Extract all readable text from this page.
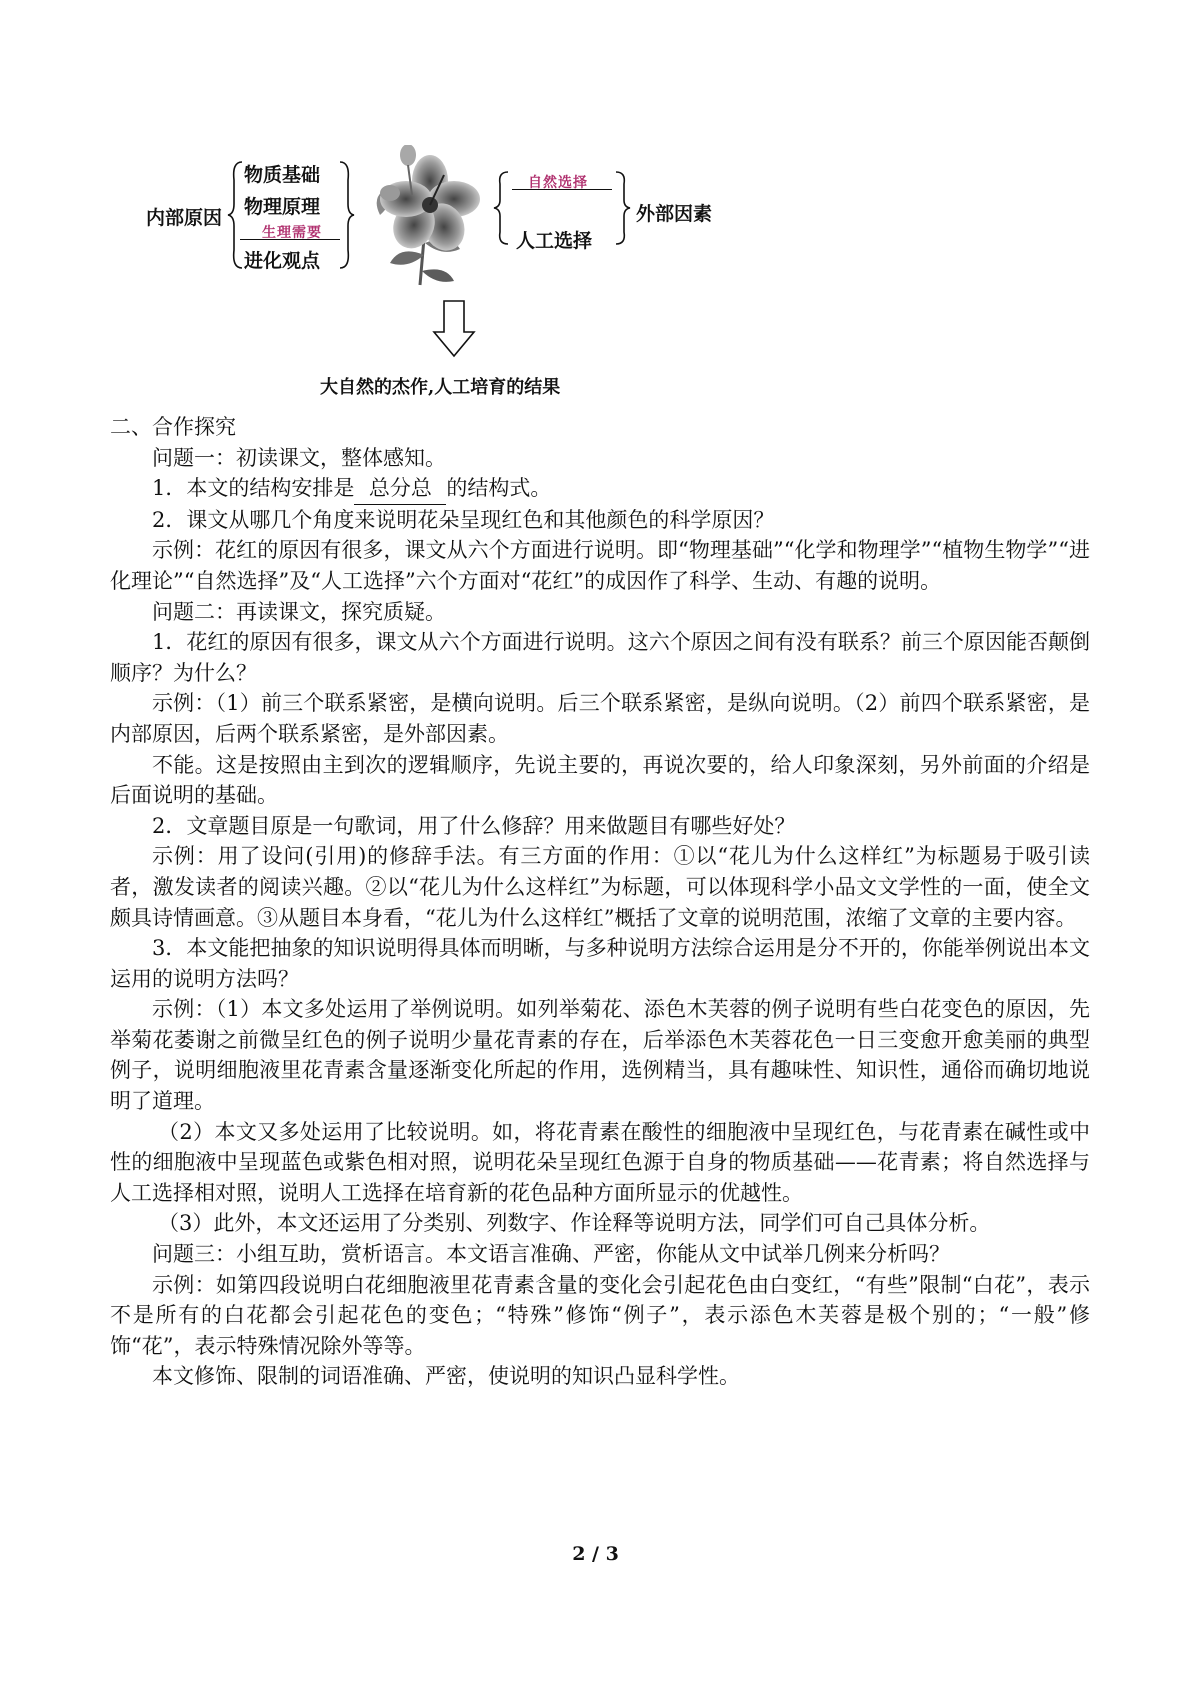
内部原因
物质基础
物理原理
生理需要
进化观点
自然选择
人工选择
外部因素
大自然的杰作,人工培育的结果

二、合作探究

问题一：初读课文，整体感知。

1．本文的结构安排是 总分总 的结构式。

2．课文从哪几个角度来说明花朵呈现红色和其他颜色的科学原因？

示例：花红的原因有很多，课文从六个方面进行说明。即“物理基础”“化学和物理学”“植物生物学”“进化理论”“自然选择”及“人工选择”六个方面对“花红”的成因作了科学、生动、有趣的说明。

问题二：再读课文，探究质疑。

1．花红的原因有很多，课文从六个方面进行说明。这六个原因之间有没有联系？前三个原因能否颠倒顺序？为什么？

示例：（1）前三个联系紧密，是横向说明。后三个联系紧密，是纵向说明。（2）前四个联系紧密，是内部原因，后两个联系紧密，是外部因素。

不能。这是按照由主到次的逻辑顺序，先说主要的，再说次要的，给人印象深刻，另外前面的介绍是后面说明的基础。

2．文章题目原是一句歌词，用了什么修辞？用来做题目有哪些好处？

示例：用了设问(引用)的修辞手法。有三方面的作用：①以“花儿为什么这样红”为标题易于吸引读者，激发读者的阅读兴趣。②以“花儿为什么这样红”为标题，可以体现科学小品文文学性的一面，使全文颇具诗情画意。③从题目本身看，“花儿为什么这样红”概括了文章的说明范围，浓缩了文章的主要内容。

3．本文能把抽象的知识说明得具体而明晰，与多种说明方法综合运用是分不开的，你能举例说出本文运用的说明方法吗？

示例：（1）本文多处运用了举例说明。如列举菊花、添色木芙蓉的例子说明有些白花变色的原因，先举菊花萎谢之前微呈红色的例子说明少量花青素的存在，后举添色木芙蓉花色一日三变愈开愈美丽的典型例子，说明细胞液里花青素含量逐渐变化所起的作用，选例精当，具有趣味性、知识性，通俗而确切地说明了道理。

（2）本文又多处运用了比较说明。如，将花青素在酸性的细胞液中呈现红色，与花青素在碱性或中性的细胞液中呈现蓝色或紫色相对照，说明花朵呈现红色源于自身的物质基础——花青素；将自然选择与人工选择相对照，说明人工选择在培育新的花色品种方面所显示的优越性。

（3）此外，本文还运用了分类别、列数字、作诠释等说明方法，同学们可自己具体分析。

问题三：小组互助，赏析语言。本文语言准确、严密，你能从文中试举几例来分析吗？

示例：如第四段说明白花细胞液里花青素含量的变化会引起花色由白变红，“有些”限制“白花”，表示不是所有的白花都会引起花色的变色；“特殊”修饰“例子”，表示添色木芙蓉是极个别的；“一般”修饰“花”，表示特殊情况除外等等。

本文修饰、限制的词语准确、严密，使说明的知识凸显科学性。

2 / 3
